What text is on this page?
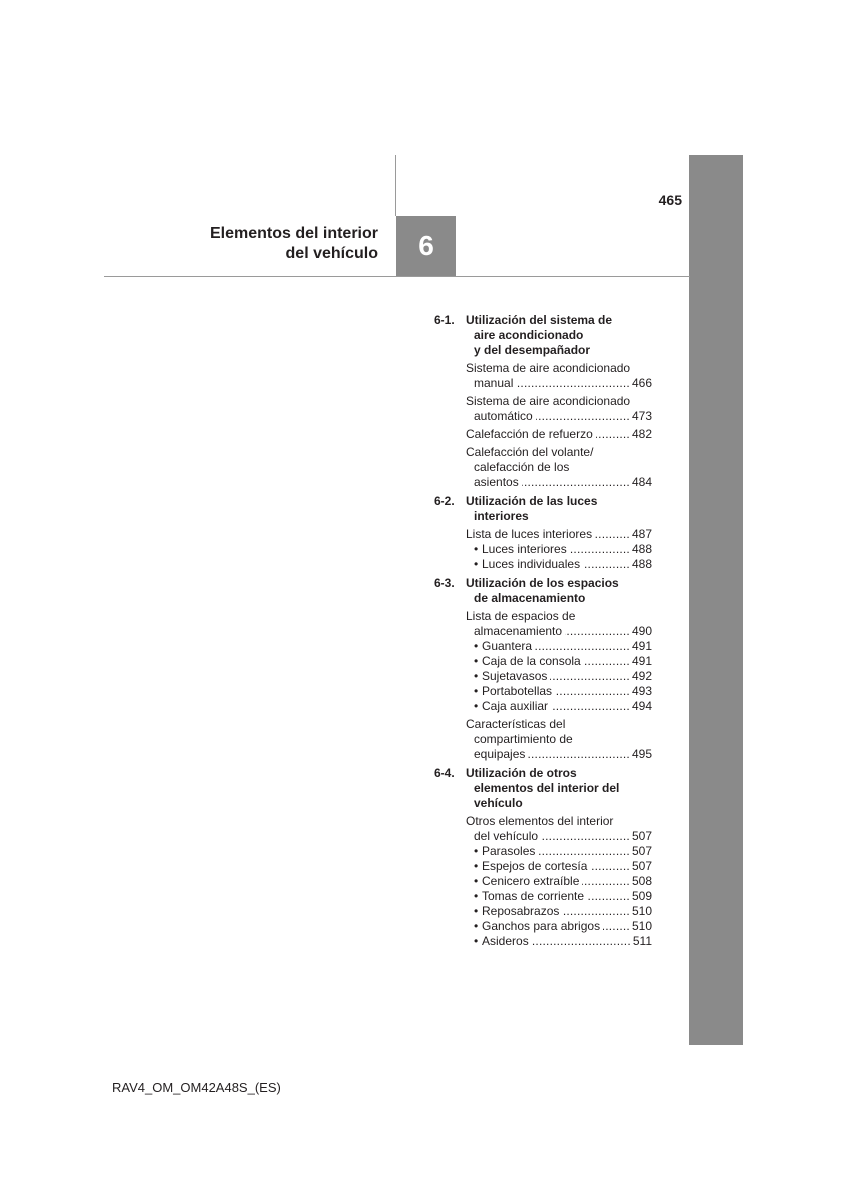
465
Elementos del interior
del vehículo 6
6-1. Utilización del sistema de
aire acondicionado
y del desempañador
Sistema de aire acondicionado
manual .....	466
Sistema de aire acondicionado
automático .....	473
Calefacción de refuerzo .....	482
Calefacción del volante/
calefacción de los
asientos .....	484
6-2. Utilización de las luces
interiores
Lista de luces interiores .....	487
• Luces interiores .....	488
• Luces individuales .....	488
6-3. Utilización de los espacios
de almacenamiento
Lista de espacios de
almacenamiento .....	490
• Guantera .....	491
• Caja de la consola .....	491
• Sujetavasos .....	492
• Portabotellas .....	493
• Caja auxiliar .....	494
Características del
compartimiento de
equipajes .....	495
6-4. Utilización de otros
elementos del interior del
vehículo
Otros elementos del interior
del vehículo .....	507
• Parasoles .....	507
• Espejos de cortesía .....	507
• Cenicero extraíble .....	508
• Tomas de corriente .....	509
• Reposabrazos .....	510
• Ganchos para abrigos .....	510
• Asideros .....	511
RAV4_OM_OM42A48S_(ES)
